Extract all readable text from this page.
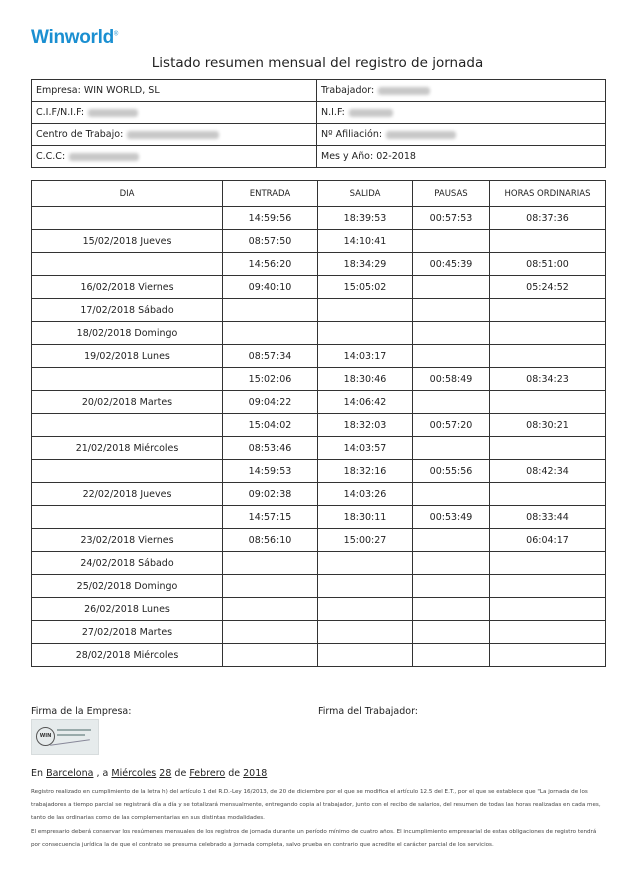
Winworld®
Listado resumen mensual del registro de jornada
Empresa: WIN WORLD, SL	Trabajador:
C.I.F/N.I.F:	N.I.F:
Centro de Trabajo:	Nº Afiliación:
C.C.C:	Mes y Año: 02-2018
DIA	ENTRADA	SALIDA	PAUSAS	HORAS ORDINARIAS
	14:59:56	18:39:53	00:57:53	08:37:36
15/02/2018 Jueves	08:57:50	14:10:41		
	14:56:20	18:34:29	00:45:39	08:51:00
16/02/2018 Viernes	09:40:10	15:05:02		05:24:52
17/02/2018 Sábado				
18/02/2018 Domingo				
19/02/2018 Lunes	08:57:34	14:03:17		
	15:02:06	18:30:46	00:58:49	08:34:23
20/02/2018 Martes	09:04:22	14:06:42		
	15:04:02	18:32:03	00:57:20	08:30:21
21/02/2018 Miércoles	08:53:46	14:03:57		
	14:59:53	18:32:16	00:55:56	08:42:34
22/02/2018 Jueves	09:02:38	14:03:26		
	14:57:15	18:30:11	00:53:49	08:33:44
23/02/2018 Viernes	08:56:10	15:00:27		06:04:17
24/02/2018 Sábado				
25/02/2018 Domingo				
26/02/2018 Lunes				
27/02/2018 Martes				
28/02/2018 Miércoles				
Firma de la Empresa:	Firma del Trabajador:
WIN
En Barcelona , a Miércoles 28 de Febrero de 2018

Registro realizado en cumplimiento de la letra h) del artículo 1 del R.D.-Ley 16/2013, de 20 de diciembre por el que se modifica el artículo 12.5 del E.T., por el que se establece que "La jornada de los trabajadores a tiempo parcial se registrará día a día y se totalizará mensualmente, entregando copia al trabajador, junto con el recibo de salarios, del resumen de todas las horas realizadas en cada mes, tanto de las ordinarias como de las complementarias en sus distintas modalidades.

El empresario deberá conservar los resúmenes mensuales de los registros de jornada durante un período mínimo de cuatro años. El incumplimiento empresarial de estas obligaciones de registro tendrá por consecuencia jurídica la de que el contrato se presuma celebrado a jornada completa, salvo prueba en contrario que acredite el carácter parcial de los servicios.
